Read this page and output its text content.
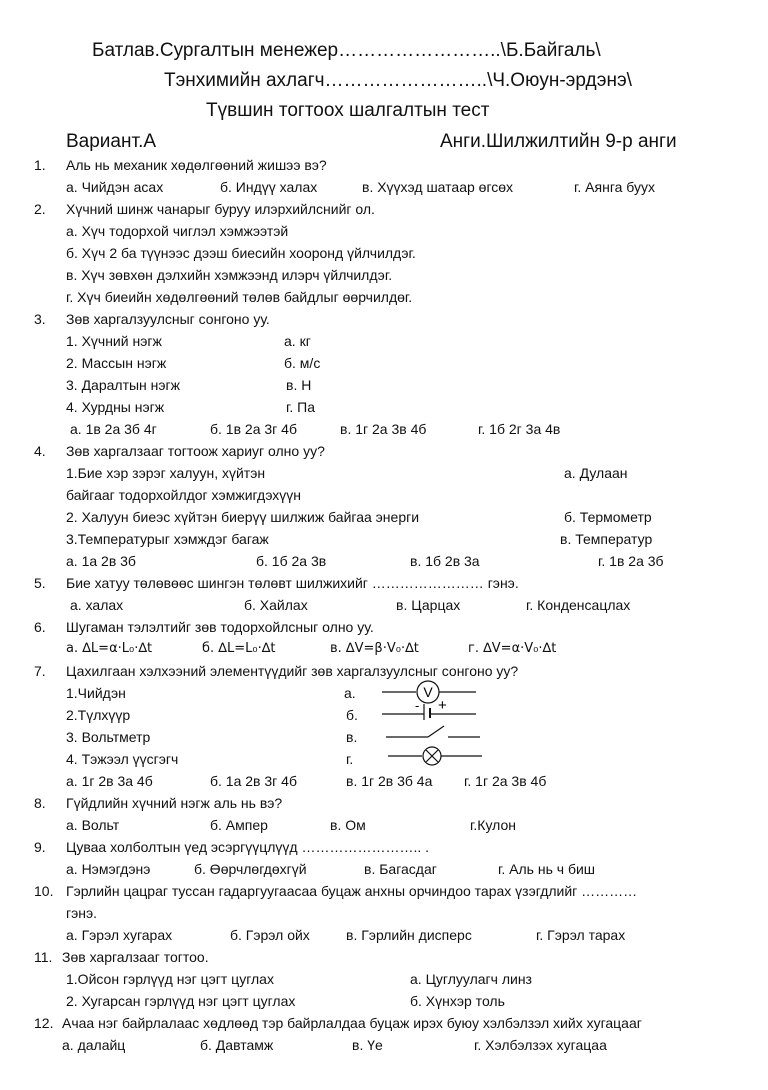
Батлав.Сургалтын менежер……………………..\Б.Байгаль\
Тэнхимийн ахлагч……………………..\Ч.Оюун-эрдэнэ\
Түвшин тогтоох шалгалтын тест
Вариант.А	Анги.Шилжилтийн 9-р анги
1. Аль нь механик хөдөлгөөний жишээ вэ?
а. Чийдэн асах	б. Индүү халах	в. Хүүхэд шатаар өгсөх	г. Аянга буух
2. Хүчний шинж чанарыг буруу илэрхийлснийг ол.
а. Хүч тодорхой чиглэл хэмжээтэй
б. Хүч 2 ба түүнээс дээш биесийн хооронд үйлчилдэг.
в. Хүч зөвхөн дэлхийн хэмжээнд илэрч үйлчилдэг.
г. Хүч биеийн хөдөлгөөний төлөв байдлыг өөрчилдөг.
3. Зөв харгалзуулсныг сонгоно уу.
1. Хүчний нэгж	а. кг
2. Массын нэгж	б. м/с
3. Даралтын нэгж	в. Н
4. Хурдны нэгж	г. Па
а. 1в 2а 3б 4г	б. 1в 2а 3г 4б	в. 1г 2а 3в 4б	г. 1б 2г 3а 4в
4. Зөв харгалзааг тогтоож хариуг олно уу?
1.Бие хэр зэрэг халуун, хүйтэн	а. Дулаан
байгааг тодорхойлдог хэмжигдэхүүн
2. Халуун биеэс хүйтэн биерүү шилжиж байгаа энерги	б. Термометр
3.Температурыг хэмждэг багаж	в. Температур
а. 1а 2в 3б	б. 1б 2а 3в	в. 1б 2в 3а	г. 1в 2а 3б
5. Бие хатуу төлөвөөс шингэн төлөвт шилжихийг …………………… гэнэ.
а. халах	б. Хайлах	в. Царцах	г. Конденсацлах
6. Шугаман тэлэлтийг зөв тодорхойлсныг олно уу.
а. ∆L=α·L₀·∆t	б. ∆L=L₀·∆t	в. ∆V=β·V₀·∆t	г. ∆V=α·V₀·∆t
7. Цахилгаан хэлхээний элементүүдийг зөв харгалзуулсныг сонгоно уу?
1.Чийдэн	а.
2.Түлхүүр	б.
3. Вольтметр	в.
4. Тэжээл үүсгэгч	г.
V
- +
а. 1г 2в 3а 4б	б. 1а 2в 3г 4б	в. 1г 2в 3б 4а г. 1г 2а 3в 4б
8. Гүйдлийн хүчний нэгж аль нь вэ?
а. Вольт	б. Ампер	в. Ом	г.Кулон
9. Цуваа холболтын үед эсэргүүцлүүд …………………….. .
а. Нэмэгдэнэ	б. Өөрчлөгдөхгүй	в. Багасдаг	г. Аль нь ч биш
10. Гэрлийн цацраг туссан гадаргуугаасаа буцаж анхны орчиндоо тарах үзэгдлийг …………
гэнэ.
а. Гэрэл хугарах	б. Гэрэл ойх	в. Гэрлийн дисперс	г. Гэрэл тарах
11. Зөв харгалзааг тогтоо.
1.Ойсон гэрлүүд нэг цэгт цуглах	а. Цуглуулагч линз
2. Хугарсан гэрлүүд нэг цэгт цуглах	б. Хүнхэр толь
12. Ачаа нэг байрлалаас хөдлөөд тэр байрлалдаа буцаж ирэх буюу хэлбэлзэл хийх хугацааг
а. далайц	б. Давтамж	в. Үе	г. Хэлбэлзэх хугацаа
